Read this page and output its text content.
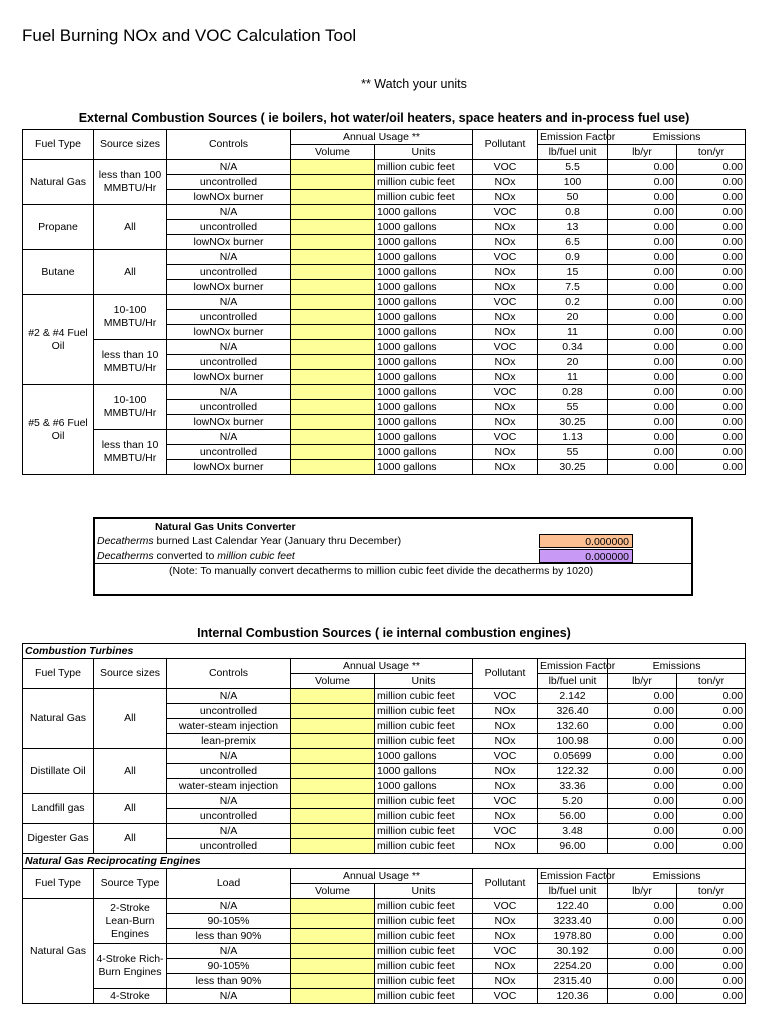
Fuel Burning NOx and VOC Calculation Tool
** Watch your units
External Combustion Sources ( ie boilers, hot water/oil heaters, space heaters and in-process fuel use)
Fuel Type	Source sizes	Controls	Annual Usage **		Pollutant	Emission Factor	Emissions	
			Volume	Units		lb/fuel unit	lb/yr	ton/yr
Natural Gas	less than 100 MMBTU/Hr	N/A		million cubic feet	VOC	5.5	0.00	0.00
		uncontrolled		million cubic feet	NOx	100	0.00	0.00
		lowNOx burner		million cubic feet	NOx	50	0.00	0.00
Propane	All	N/A		1000 gallons	VOC	0.8	0.00	0.00
		uncontrolled		1000 gallons	NOx	13	0.00	0.00
		lowNOx burner		1000 gallons	NOx	6.5	0.00	0.00
Butane	All	N/A		1000 gallons	VOC	0.9	0.00	0.00
		uncontrolled		1000 gallons	NOx	15	0.00	0.00
		lowNOx burner		1000 gallons	NOx	7.5	0.00	0.00
#2 & #4 Fuel Oil	10-100 MMBTU/Hr	N/A		1000 gallons	VOC	0.2	0.00	0.00
		uncontrolled		1000 gallons	NOx	20	0.00	0.00
		lowNOx burner		1000 gallons	NOx	11	0.00	0.00
	less than 10 MMBTU/Hr	N/A		1000 gallons	VOC	0.34	0.00	0.00
		uncontrolled		1000 gallons	NOx	20	0.00	0.00
		lowNOx burner		1000 gallons	NOx	11	0.00	0.00
#5 & #6 Fuel Oil	10-100 MMBTU/Hr	N/A		1000 gallons	VOC	0.28	0.00	0.00
		uncontrolled		1000 gallons	NOx	55	0.00	0.00
		lowNOx burner		1000 gallons	NOx	30.25	0.00	0.00
	less than 10 MMBTU/Hr	N/A		1000 gallons	VOC	1.13	0.00	0.00
		uncontrolled		1000 gallons	NOx	55	0.00	0.00
		lowNOx burner		1000 gallons	NOx	30.25	0.00	0.00
Natural Gas Units Converter
Decatherms burned Last Calendar Year (January thru December)	0.000000
Decatherms converted to million cubic feet	0.000000
(Note: To manually convert decatherms to million cubic feet divide the decatherms by 1020)
Internal Combustion Sources ( ie internal combustion engines)
Combustion Turbines								
Fuel Type	Source sizes	Controls	Annual Usage **		Pollutant	Emission Factor	Emissions	
			Volume	Units		lb/fuel unit	lb/yr	ton/yr
Natural Gas	All	N/A		million cubic feet	VOC	2.142	0.00	0.00
		uncontrolled		million cubic feet	NOx	326.40	0.00	0.00
		water-steam injection		million cubic feet	NOx	132.60	0.00	0.00
		lean-premix		million cubic feet	NOx	100.98	0.00	0.00
Distillate Oil	All	N/A		1000 gallons	VOC	0.05699	0.00	0.00
		uncontrolled		1000 gallons	NOx	122.32	0.00	0.00
		water-steam injection		1000 gallons	NOx	33.36	0.00	0.00
Landfill gas	All	N/A		million cubic feet	VOC	5.20	0.00	0.00
		uncontrolled		million cubic feet	NOx	56.00	0.00	0.00
Digester Gas	All	N/A		million cubic feet	VOC	3.48	0.00	0.00
		uncontrolled		million cubic feet	NOx	96.00	0.00	0.00
Natural Gas Reciprocating Engines								
Fuel Type	Source Type	Load	Annual Usage **		Pollutant	Emission Factor	Emissions	
			Volume	Units		lb/fuel unit	lb/yr	ton/yr
Natural Gas	2-Stroke Lean-Burn Engines	N/A		million cubic feet	VOC	122.40	0.00	0.00
		90-105%		million cubic feet	NOx	3233.40	0.00	0.00
		less than 90%		million cubic feet	NOx	1978.80	0.00	0.00
	4-Stroke Rich-Burn Engines	N/A		million cubic feet	VOC	30.192	0.00	0.00
		90-105%		million cubic feet	NOx	2254.20	0.00	0.00
		less than 90%		million cubic feet	NOx	2315.40	0.00	0.00
	4-Stroke	N/A		million cubic feet	VOC	120.36	0.00	0.00
